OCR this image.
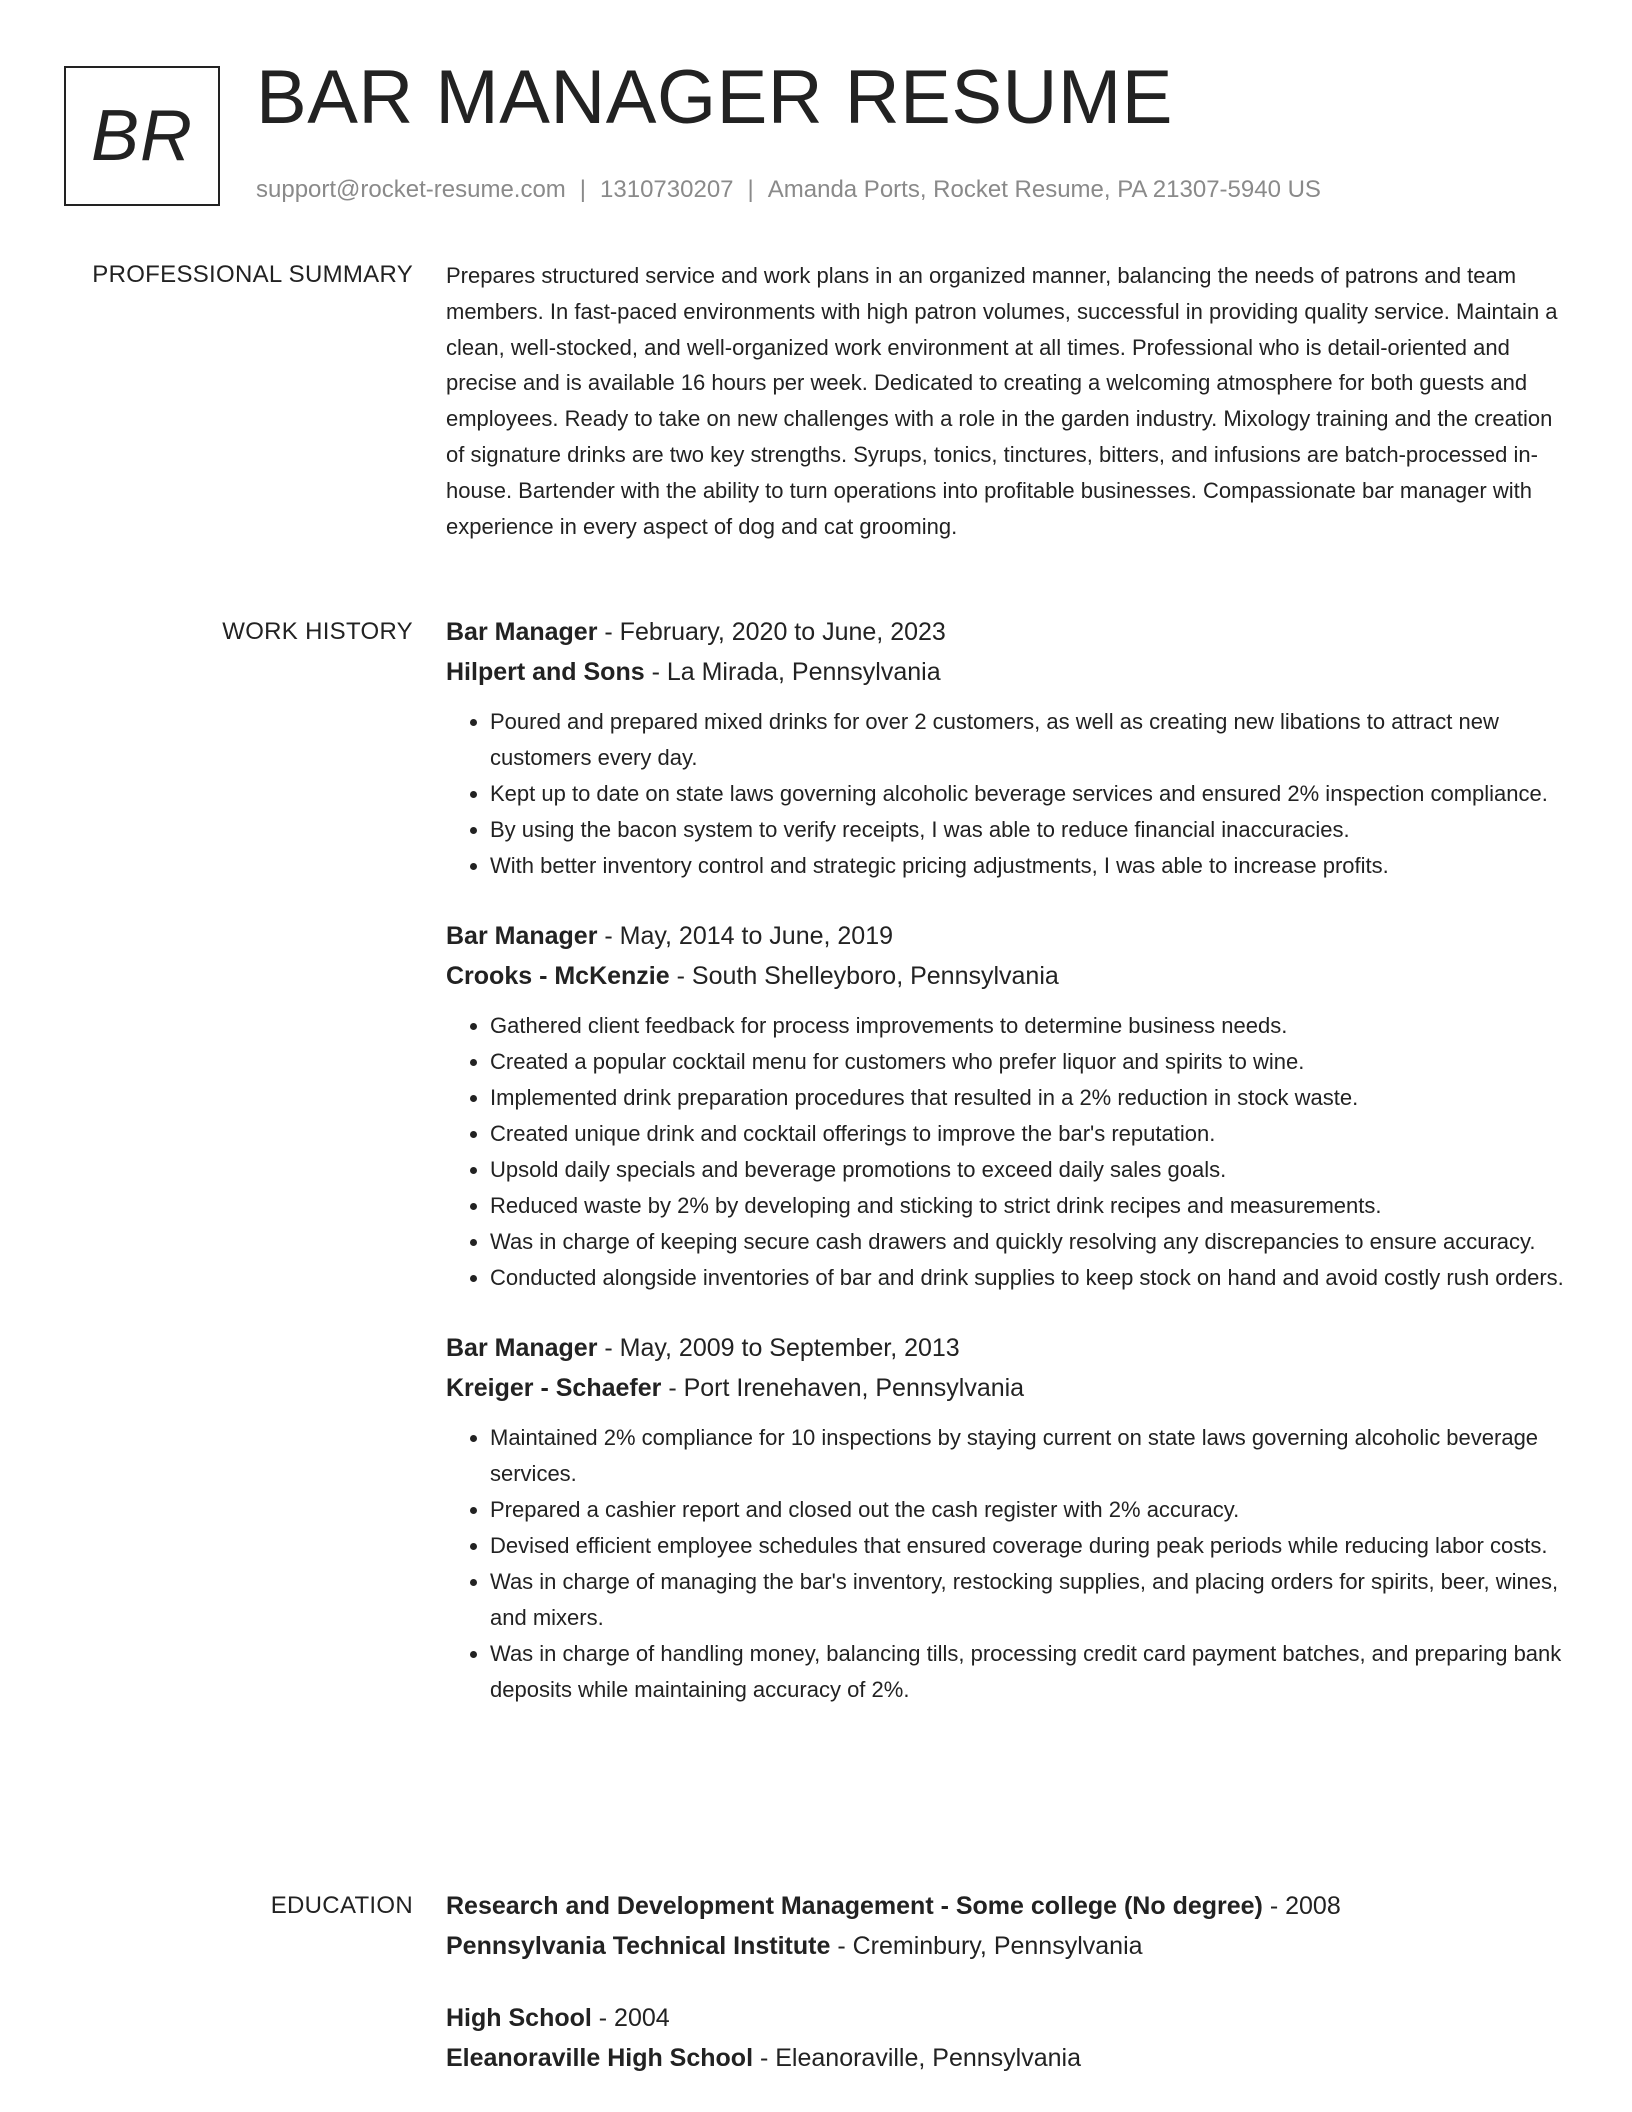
BR BAR MANAGER RESUME
support@rocket-resume.com | 1310730207 | Amanda Ports, Rocket Resume, PA 21307-5940 US
PROFESSIONAL SUMMARY Prepares structured service and work plans in an organized manner, balancing the needs of patrons and team members. In fast-paced environments with high patron volumes, successful in providing quality service. Maintain a clean, well-stocked, and well-organized work environment at all times. Professional who is detail-oriented and precise and is available 16 hours per week. Dedicated to creating a welcoming atmosphere for both guests and employees. Ready to take on new challenges with a role in the garden industry. Mixology training and the creation of signature drinks are two key strengths. Syrups, tonics, tinctures, bitters, and infusions are batch-processed in-house. Bartender with the ability to turn operations into profitable businesses. Compassionate bar manager with experience in every aspect of dog and cat grooming.

WORK HISTORY Bar Manager - February, 2020 to June, 2023
Hilpert and Sons - La Mirada, Pennsylvania
• Poured and prepared mixed drinks for over 2 customers, as well as creating new libations to attract new customers every day.
• Kept up to date on state laws governing alcoholic beverage services and ensured 2% inspection compliance.
• By using the bacon system to verify receipts, I was able to reduce financial inaccuracies.
• With better inventory control and strategic pricing adjustments, I was able to increase profits.
Bar Manager - May, 2014 to June, 2019
Crooks - McKenzie - South Shelleyboro, Pennsylvania
• Gathered client feedback for process improvements to determine business needs.
• Created a popular cocktail menu for customers who prefer liquor and spirits to wine.
• Implemented drink preparation procedures that resulted in a 2% reduction in stock waste.
• Created unique drink and cocktail offerings to improve the bar's reputation.
• Upsold daily specials and beverage promotions to exceed daily sales goals.
• Reduced waste by 2% by developing and sticking to strict drink recipes and measurements.
• Was in charge of keeping secure cash drawers and quickly resolving any discrepancies to ensure accuracy.
• Conducted alongside inventories of bar and drink supplies to keep stock on hand and avoid costly rush orders.
Bar Manager - May, 2009 to September, 2013
Kreiger - Schaefer - Port Irenehaven, Pennsylvania
• Maintained 2% compliance for 10 inspections by staying current on state laws governing alcoholic beverage services.
• Prepared a cashier report and closed out the cash register with 2% accuracy.
• Devised efficient employee schedules that ensured coverage during peak periods while reducing labor costs.
• Was in charge of managing the bar's inventory, restocking supplies, and placing orders for spirits, beer, wines, and mixers.
• Was in charge of handling money, balancing tills, processing credit card payment batches, and preparing bank deposits while maintaining accuracy of 2%.
EDUCATION Research and Development Management - Some college (No degree) - 2008
Pennsylvania Technical Institute - Creminbury, Pennsylvania
High School - 2004
Eleanoraville High School - Eleanoraville, Pennsylvania
